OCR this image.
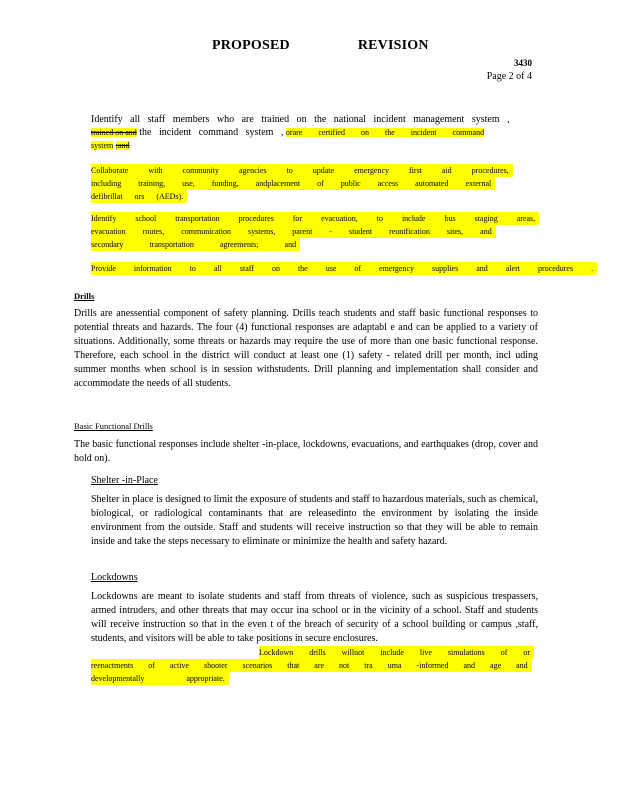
PROPOSED	REVISION
3430
Page 2 of 4
Identify all staff members who are trained on the national incident management system ,
trained on and the incident command system , orare certified on the incident command
system ;and
Collaborate with community agencies to update emergency first aid procedures,
including training, use, funding, andplacement of public access automated external
defibrillat ors (AEDs).
Identify school transportation procedures for evacuation, to include bus staging areas,
evacuation routes, communication systems, parent - student reunification sites, and
secondary transportation agreements; and
Provide information to all staff on the use of emergency supplies and alert procedures .
Drills
Drills are anessential component of safety planning. Drills teach students and staff basic functional responses to potential threats and hazards. The four (4) functional responses are adaptabl e and can be applied to a variety of situations. Additionally, some threats or hazards may require the use of more than one basic functional response. Therefore, each school in the district will conduct at least one (1) safety - related drill per month, incl uding summer months when school is in session withstudents. Drill planning and implementation shall consider and accommodate the needs of all students.
Basic Functional Drills
The basic functional responses include shelter -in-place, lockdowns, evacuations, and earthquakes (drop, cover and hold on).
Shelter -in-Place
Shelter in place is designed to limit the exposure of students and staff to hazardous materials, such as chemical, biological, or radiological contaminants that are releasedinto the environment by isolating the inside environment from the outside. Staff and students will receive instruction so that they will be able to remain inside and take the steps necessary to eliminate or minimize the health and safety hazard.
Lockdowns
Lockdowns are meant to isolate students and staff from threats of violence, such as suspicious trespassers, armed intruders, and other threats that may occur ina school or in the vicinity of a school. Staff and students will receive instruction so that in the even t of the breach of security of a school building or campus ,staff, students, and visitors will be able to take positions in secure enclosures.
Lockdown drills willnot include live simulations of or
reenactments of active shooter scenarios that are not tra uma -informed and age and
developmentally appropriate.
